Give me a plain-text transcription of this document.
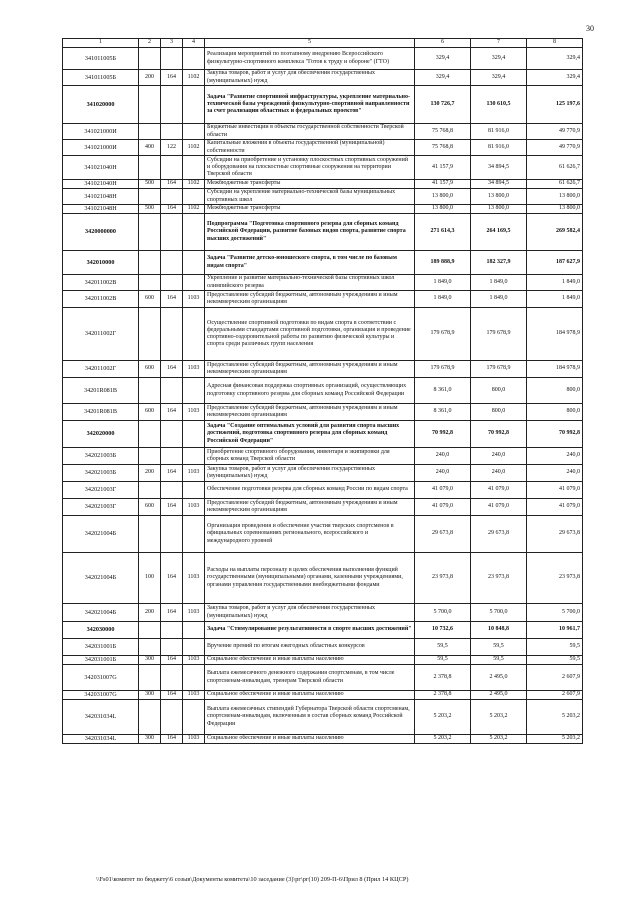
30
1	2	3	4	5	6	7	8
341011005Б				Реализация мероприятий по поэтапному внедрению Всероссийского физкультурно-спортивного комплекса "Готов к труду и обороне" (ГТО)	329,4	329,4	329,4
341011005Б	200	164	1102	Закупка товаров, работ и услуг для обеспечения государственных (муниципальных) нужд	329,4	329,4	329,4
341020000				Задача "Развитие спортивной инфраструктуры, укрепление материально-технической базы учреждений физкультурно-спортивной направленности за счет реализации областных и федеральных проектов"	130 726,7	130 610,5	125 197,6
341021000И				Бюджетные инвестиции в объекты государственной собственности Тверской области	75 768,8	81 916,0	49 770,9
341021000И	400	122	1102	Капитальные вложения в объекты государственной (муниципальной) собственности	75 768,8	81 916,0	49 770,9
341021040Н				Субсидии на приобретение и установку плоскостных спортивных сооружений и оборудования на плоскостные спортивные сооружения на территории Тверской области	41 157,9	34 894,5	61 626,7
341021040Н	500	164	1102	Межбюджетные трансферты	41 157,9	34 894,5	61 626,7
341021048Н				Субсидии на укрепление материально-технической базы муниципальных спортивных школ	13 800,0	13 800,0	13 800,0
341021048Н	500	164	1102	Межбюджетные трансферты	13 800,0	13 800,0	13 800,0
3420000000				Подпрограмма "Подготовка спортивного резерва для сборных команд Российской Федерации, развитие базовых видов спорта, развитие спорта высших достижений"	271 614,3	264 169,5	269 582,4
342010000				Задача "Развитие детско-юношеского спорта, в том числе по базовым видам спорта"	189 888,9	182 327,9	187 627,9
342011002В				Укрепление и развитие материально-технической базы спортивных школ олимпийского резерва	1 849,0	1 849,0	1 849,0
342011002В	600	164	1103	Предоставление субсидий бюджетным, автономным учреждениям и иным некоммерческим организациям	1 849,0	1 849,0	1 849,0
342011002Г				Осуществление спортивной подготовки по видам спорта в соответствии с федеральными стандартами спортивной подготовки, организация и проведение спортивно-оздоровительной работы по развитию физической культуры и спорта среди различных групп населения	179 678,9	179 678,9	184 978,9
342011002Г	600	164	1103	Предоставление субсидий бюджетным, автономным учреждениям и иным некоммерческим организациям	179 678,9	179 678,9	184 978,9
34201R081В				Адресная финансовая поддержка спортивных организаций, осуществляющих подготовку спортивного резерва для сборных команд Российской Федерации	8 361,0	800,0	800,0
34201R081В	600	164	1103	Предоставление субсидий бюджетным, автономным учреждениям и иным некоммерческим организациям	8 361,0	800,0	800,0
342020000				Задача "Создание оптимальных условий для развития спорта высших достижений, подготовка спортивного резерва для сборных команд Российской Федерации"	70 992,8	70 992,8	70 992,8
342021003Б				Приобретение спортивного оборудования, инвентаря и экипировки для сборных команд Тверской области	240,0	240,0	240,0
342021003Б	200	164	1103	Закупка товаров, работ и услуг для обеспечения государственных (муниципальных) нужд	240,0	240,0	240,0
342021003Г				Обеспечение подготовки резерва для сборных команд России по видам спорта	41 079,0	41 079,0	41 079,0
342021003Г	600	164	1103	Предоставление субсидий бюджетным, автономным учреждениям и иным некоммерческим организациям	41 079,0	41 079,0	41 079,0
342021004Б				Организация проведения и обеспечение участия тверских спортсменов в официальных соревнованиях регионального, всероссийского и международного уровней	29 673,8	29 673,8	29 673,8
342021004Б	100	164	1103	Расходы на выплаты персоналу в целях обеспечения выполнения функций государственными (муниципальными) органами, казенными учреждениями, органами управления государственными внебюджетными фондами	23 973,8	23 973,8	23 973,8
342021004Б	200	164	1103	Закупка товаров, работ и услуг для обеспечения государственных (муниципальных) нужд	5 700,0	5 700,0	5 700,0
342030000				Задача "Стимулирование результативности в спорте высших достижений"	10 732,6	10 848,8	10 961,7
342031001Б				Вручение премий по итогам ежегодных областных конкурсов	59,5	59,5	59,5
342031001Б	300	164	1103	Социальное обеспечение и иные выплаты населению	59,5	59,5	59,5
342031007G				Выплата ежемесячного денежного содержания спортсменам, в том числе спортсменам-инвалидам, тренерам Тверской области	2 378,8	2 495,0	2 607,9
342031007G	300	164	1103	Социальное обеспечение и иные выплаты населению	2 378,8	2 495,0	2 607,9
342031034L				Выплата ежемесячных стипендий Губернатора Тверской области спортсменам, спортсменам-инвалидам, включенным в состав сборных команд Российской Федерации	5 203,2	5 203,2	5 203,2
342031034L	300	164	1103	Социальное обеспечение и иные выплаты населению	5 203,2	5 203,2	5 203,2
\\Fs01\комитет по бюджету\6 созыв\Документы комитета\10 заседание (3)\рг\рг(10) 209-П-6\Прил 8 (Прил 14 КЦСР)
